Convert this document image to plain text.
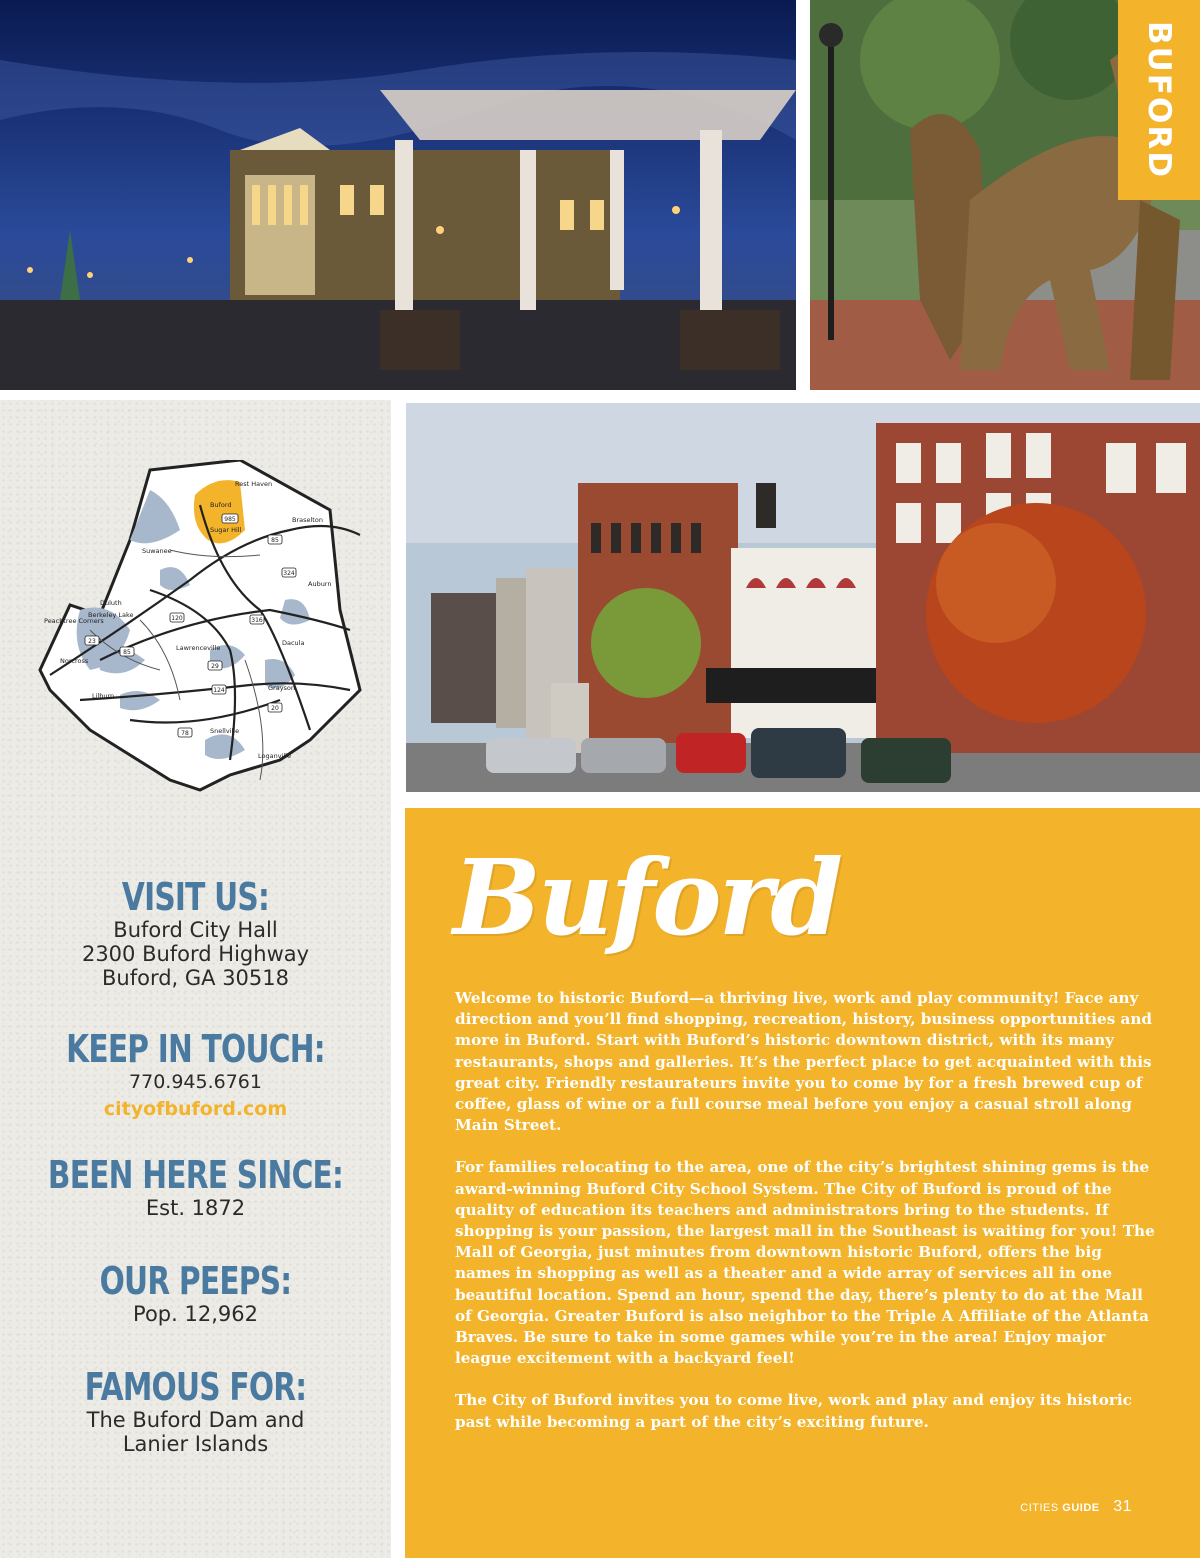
BUFORD
985
85
324
120	316
23
85
29
124
20
78
Rest Haven
Buford
Braselton
Sugar Hill
Suwanee
Auburn
Duluth
Berkeley Lake
Peachtree Corners
Norcross
Lawrenceville
Dacula
Lilburn
Grayson
Snellville
Loganville
VISIT US:

Buford City Hall

2300 Buford Highway

Buford, GA 30518

KEEP IN TOUCH:

770.945.6761

cityofbuford.com
BEEN HERE SINCE:

Est. 1872

OUR PEEPS:

Pop. 12,962

FAMOUS FOR:

The Buford Dam and

Lanier Islands

Buford

Welcome to historic Buford—a thriving live, work and play community! Face any direction and you’ll find shopping, recreation, history, business opportunities and more in Buford. Start with Buford’s historic downtown district, with its many restaurants, shops and galleries. It’s the perfect place to get acquainted with this great city. Friendly restaurateurs invite you to come by for a fresh brewed cup of coffee, glass of wine or a full course meal before you enjoy a casual stroll along Main Street.

For families relocating to the area, one of the city’s brightest shining gems is the award-winning Buford City School System. The City of Buford is proud of the quality of education its teachers and administrators bring to the students. If shopping is your passion, the largest mall in the Southeast is waiting for you! The Mall of Georgia, just minutes from downtown historic Buford, offers the big names in shopping as well as a theater and a wide array of services all in one beautiful location. Spend an hour, spend the day, there’s plenty to do at the Mall of Georgia. Greater Buford is also neighbor to the Triple A Affiliate of the Atlanta Braves. Be sure to take in some games while you’re in the area! Enjoy major league excitement with a backyard feel!

The City of Buford invites you to come live, work and play and enjoy its historic past while becoming a part of the city’s exciting future.

CITIES GUIDE 31
